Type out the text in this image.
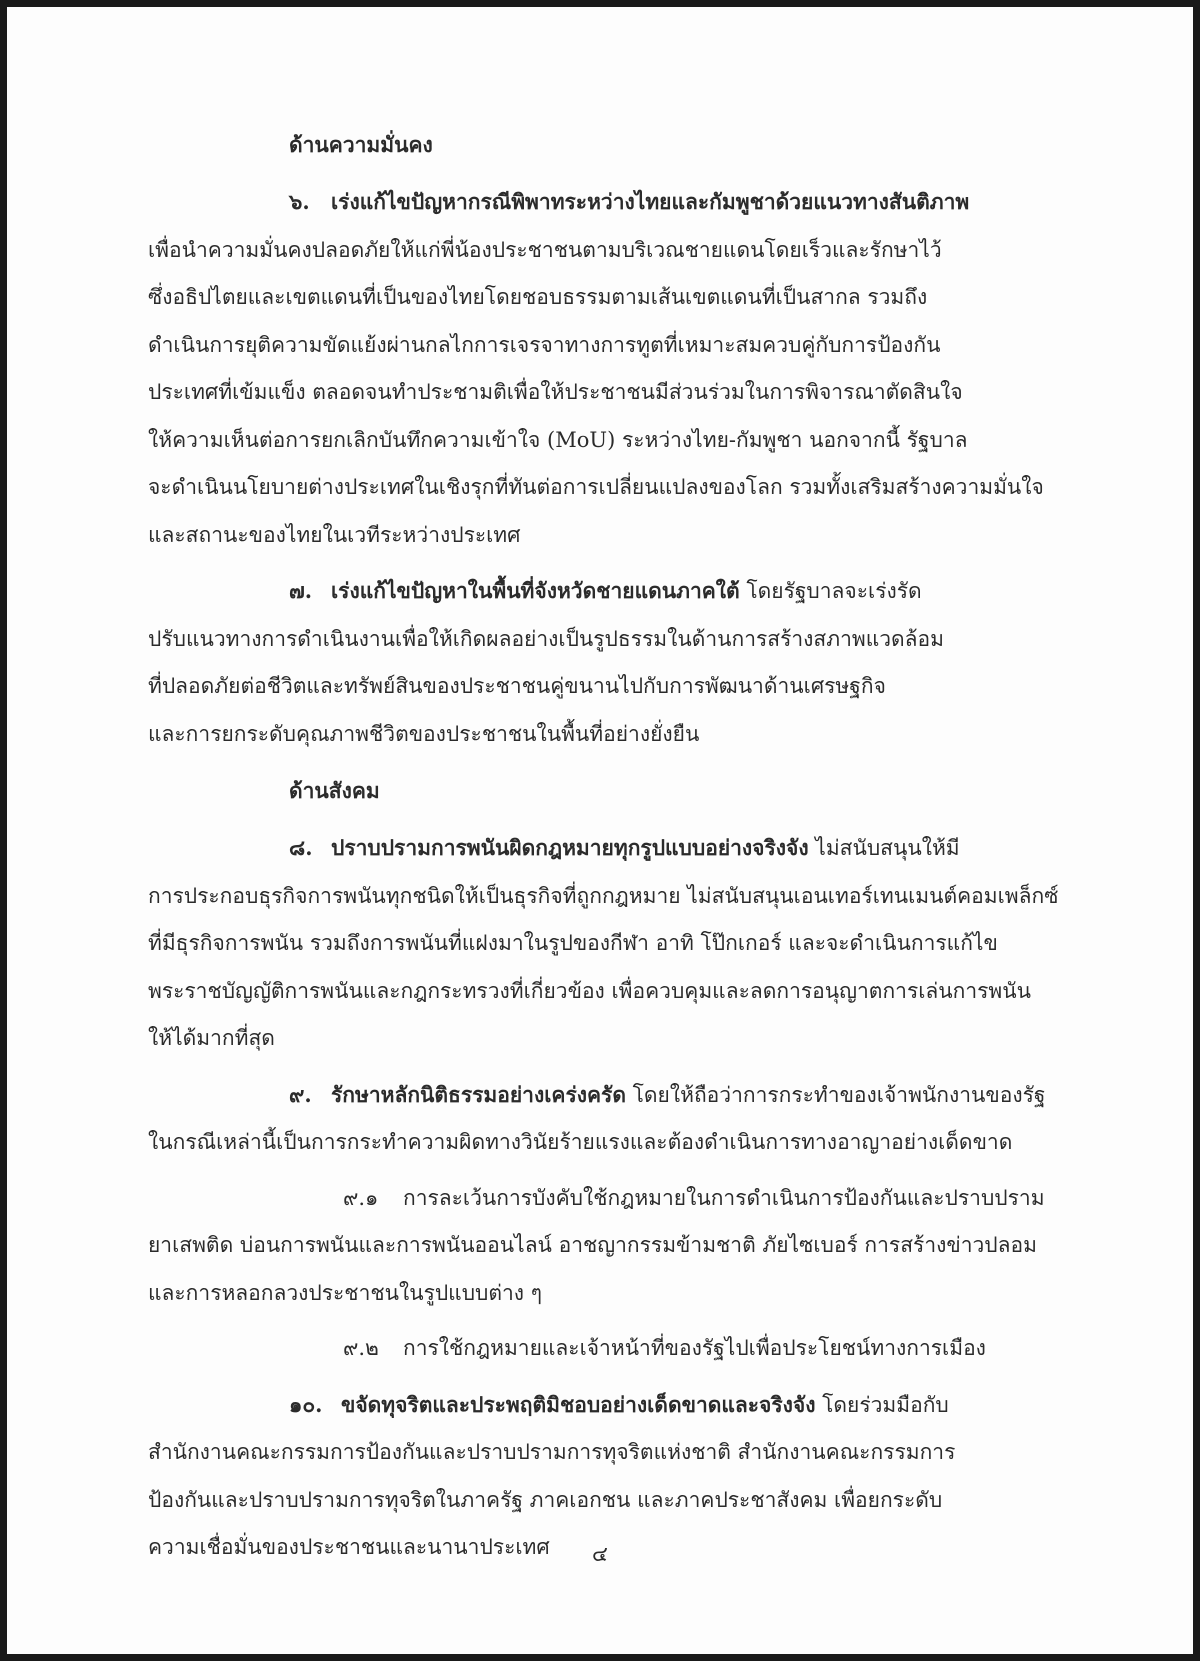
ด้านความมั่นคง

๖. เร่งแก้ไขปัญหากรณีพิพาทระหว่างไทยและกัมพูชาด้วยแนวทางสันติภาพ
เพื่อนำความมั่นคงปลอดภัยให้แก่พี่น้องประชาชนตามบริเวณชายแดนโดยเร็วและรักษาไว้
ซึ่งอธิปไตยและเขตแดนที่เป็นของไทยโดยชอบธรรมตามเส้นเขตแดนที่เป็นสากล รวมถึง
ดำเนินการยุติความขัดแย้งผ่านกลไกการเจรจาทางการทูตที่เหมาะสมควบคู่กับการป้องกัน
ประเทศที่เข้มแข็ง ตลอดจนทำประชามติเพื่อให้ประชาชนมีส่วนร่วมในการพิจารณาตัดสินใจ
ให้ความเห็นต่อการยกเลิกบันทึกความเข้าใจ (MoU) ระหว่างไทย-กัมพูชา นอกจากนี้ รัฐบาล
จะดำเนินนโยบายต่างประเทศในเชิงรุกที่ทันต่อการเปลี่ยนแปลงของโลก รวมทั้งเสริมสร้างความมั่นใจ
และสถานะของไทยในเวทีระหว่างประเทศ

๗. เร่งแก้ไขปัญหาในพื้นที่จังหวัดชายแดนภาคใต้ โดยรัฐบาลจะเร่งรัด
ปรับแนวทางการดำเนินงานเพื่อให้เกิดผลอย่างเป็นรูปธรรมในด้านการสร้างสภาพแวดล้อม
ที่ปลอดภัยต่อชีวิตและทรัพย์สินของประชาชนคู่ขนานไปกับการพัฒนาด้านเศรษฐกิจ
และการยกระดับคุณภาพชีวิตของประชาชนในพื้นที่อย่างยั่งยืน

ด้านสังคม

๘. ปราบปรามการพนันผิดกฎหมายทุกรูปแบบอย่างจริงจัง ไม่สนับสนุนให้มี
การประกอบธุรกิจการพนันทุกชนิดให้เป็นธุรกิจที่ถูกกฎหมาย ไม่สนับสนุนเอนเทอร์เทนเมนต์คอมเพล็กซ์
ที่มีธุรกิจการพนัน รวมถึงการพนันที่แฝงมาในรูปของกีฬา อาทิ โป๊กเกอร์ และจะดำเนินการแก้ไข
พระราชบัญญัติการพนันและกฎกระทรวงที่เกี่ยวข้อง เพื่อควบคุมและลดการอนุญาตการเล่นการพนัน
ให้ได้มากที่สุด

๙. รักษาหลักนิติธรรมอย่างเคร่งครัด โดยให้ถือว่าการกระทำของเจ้าพนักงานของรัฐ
ในกรณีเหล่านี้เป็นการกระทำความผิดทางวินัยร้ายแรงและต้องดำเนินการทางอาญาอย่างเด็ดขาด

๙.๑ การละเว้นการบังคับใช้กฎหมายในการดำเนินการป้องกันและปราบปราม
ยาเสพติด บ่อนการพนันและการพนันออนไลน์ อาชญากรรมข้ามชาติ ภัยไซเบอร์ การสร้างข่าวปลอม
และการหลอกลวงประชาชนในรูปแบบต่าง ๆ

๙.๒ การใช้กฎหมายและเจ้าหน้าที่ของรัฐไปเพื่อประโยชน์ทางการเมือง

๑๐. ขจัดทุจริตและประพฤติมิชอบอย่างเด็ดขาดและจริงจัง โดยร่วมมือกับ
สำนักงานคณะกรรมการป้องกันและปราบปรามการทุจริตแห่งชาติ สำนักงานคณะกรรมการ
ป้องกันและปราบปรามการทุจริตในภาครัฐ ภาคเอกชน และภาคประชาสังคม เพื่อยกระดับ
ความเชื่อมั่นของประชาชนและนานาประเทศ	๔
